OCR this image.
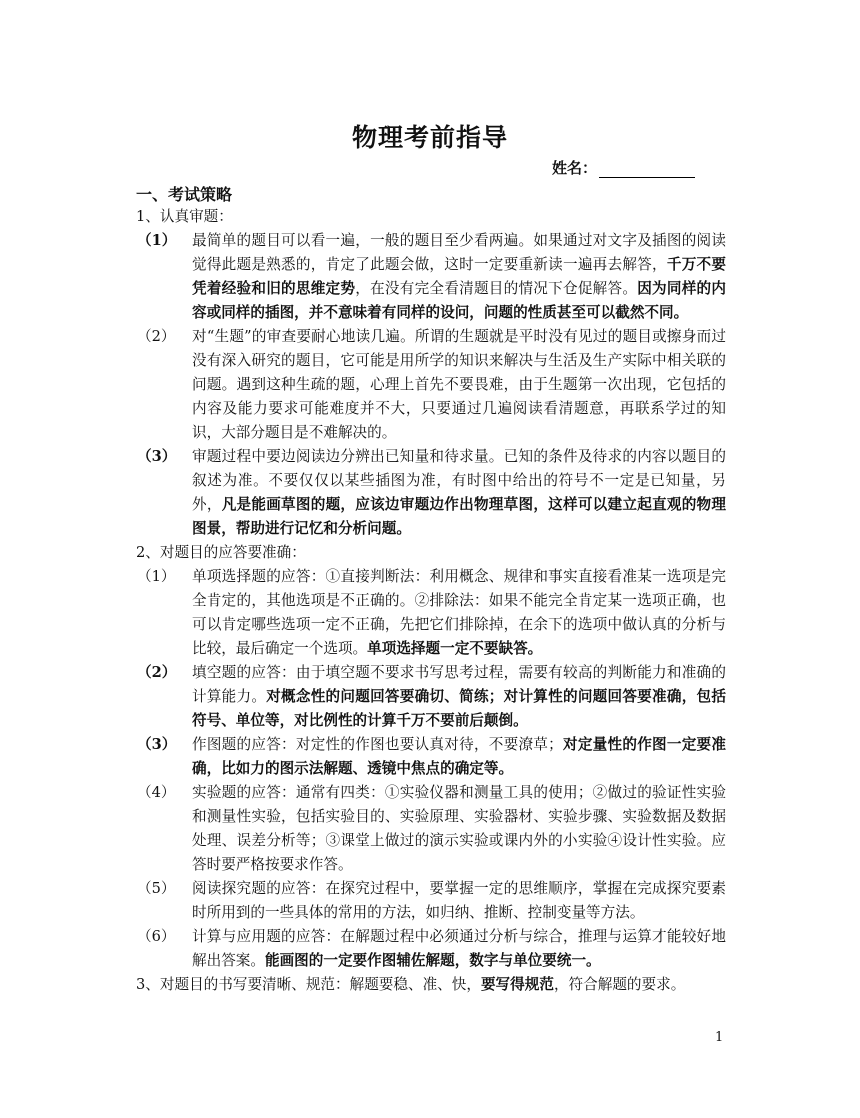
物理考前指导
姓名：
一、考试策略
1、认真审题：
（1）	最简单的题目可以看一遍，一般的题目至少看两遍。如果通过对文字及插图的阅读觉得此题是熟悉的，肯定了此题会做，这时一定要重新读一遍再去解答，千万不要凭着经验和旧的思维定势，在没有完全看清题目的情况下仓促解答。因为同样的内容或同样的插图，并不意味着有同样的设问，问题的性质甚至可以截然不同。
（2）	对“生题”的审查要耐心地读几遍。所谓的生题就是平时没有见过的题目或擦身而过没有深入研究的题目，它可能是用所学的知识来解决与生活及生产实际中相关联的问题。遇到这种生疏的题，心理上首先不要畏难，由于生题第一次出现，它包括的内容及能力要求可能难度并不大，只要通过几遍阅读看清题意，再联系学过的知识，大部分题目是不难解决的。
（3）	审题过程中要边阅读边分辨出已知量和待求量。已知的条件及待求的内容以题目的叙述为准。不要仅仅以某些插图为准，有时图中给出的符号不一定是已知量，另外，凡是能画草图的题，应该边审题边作出物理草图，这样可以建立起直观的物理图景，帮助进行记忆和分析问题。
2、对题目的应答要准确：
（1）	单项选择题的应答：①直接判断法：利用概念、规律和事实直接看准某一选项是完全肯定的，其他选项是不正确的。②排除法：如果不能完全肯定某一选项正确，也可以肯定哪些选项一定不正确，先把它们排除掉，在余下的选项中做认真的分析与比较，最后确定一个选项。单项选择题一定不要缺答。
（2）	填空题的应答：由于填空题不要求书写思考过程，需要有较高的判断能力和准确的计算能力。对概念性的问题回答要确切、简练；对计算性的问题回答要准确，包括符号、单位等，对比例性的计算千万不要前后颠倒。
（3）	作图题的应答：对定性的作图也要认真对待，不要潦草；对定量性的作图一定要准确，比如力的图示法解题、透镜中焦点的确定等。
（4）	实验题的应答：通常有四类：①实验仪器和测量工具的使用；②做过的验证性实验和测量性实验，包括实验目的、实验原理、实验器材、实验步骤、实验数据及数据处理、误差分析等；③课堂上做过的演示实验或课内外的小实验④设计性实验。应答时要严格按要求作答。
（5）	阅读探究题的应答：在探究过程中，要掌握一定的思维顺序，掌握在完成探究要素时所用到的一些具体的常用的方法，如归纳、推断、控制变量等方法。
（6）	计算与应用题的应答：在解题过程中必须通过分析与综合，推理与运算才能较好地解出答案。能画图的一定要作图辅佐解题，数字与单位要统一。
3、对题目的书写要清晰、规范：解题要稳、准、快，要写得规范，符合解题的要求。
1
